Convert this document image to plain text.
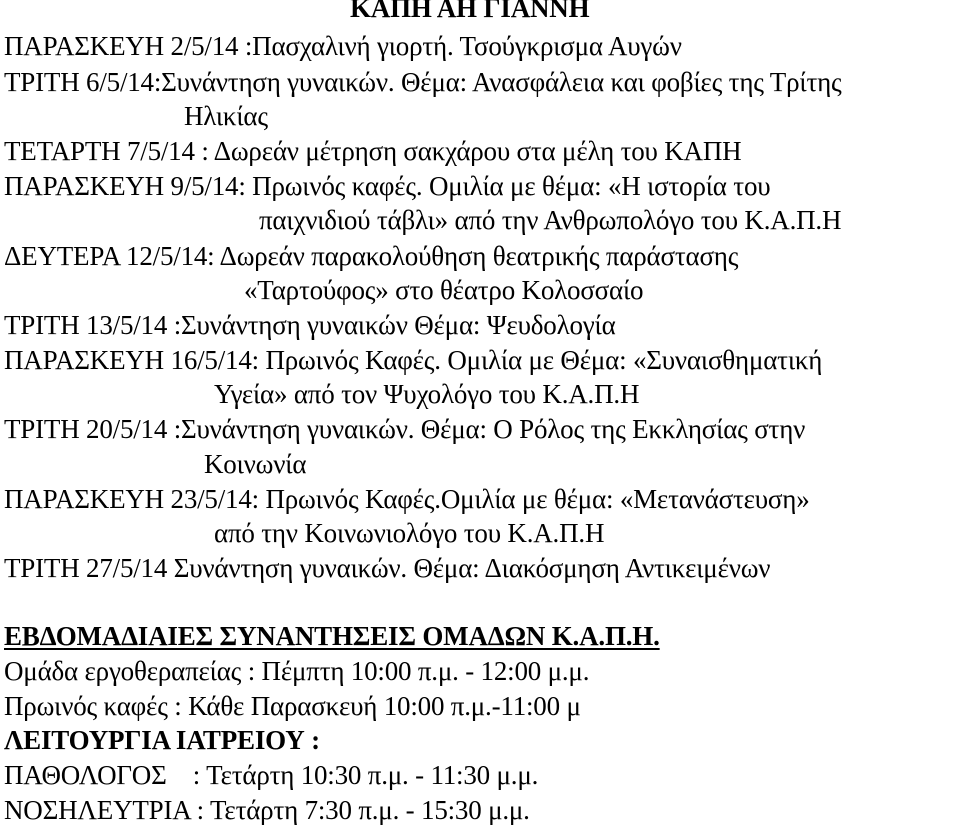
ΚΑΠΗ ΑΗ ΓΙΑΝΝΗ
ΠΑΡΑΣΚΕΥΗ 2/5/14 :Πασχαλινή γιορτή. Τσούγκρισμα Αυγών
ΤΡΙΤΗ 6/5/14:Συνάντηση γυναικών. Θέμα: Ανασφάλεια και φοβίες της Τρίτης
Ηλικίας
ΤΕΤΑΡΤΗ 7/5/14 : Δωρεάν μέτρηση σακχάρου στα μέλη του ΚΑΠΗ
ΠΑΡΑΣΚΕΥΗ 9/5/14: Πρωινός καφές. Ομιλία με θέμα: «Η ιστορία του
παιχνιδιού τάβλι» από την Ανθρωπολόγο του Κ.Α.Π.Η
ΔΕΥΤΕΡΑ 12/5/14: Δωρεάν παρακολούθηση θεατρικής παράστασης
«Ταρτούφος» στο θέατρο Κολοσσαίο
ΤΡΙΤΗ 13/5/14 :Συνάντηση γυναικών Θέμα: Ψευδολογία
ΠΑΡΑΣΚΕΥΗ 16/5/14: Πρωινός Καφές. Ομιλία με Θέμα: «Συναισθηματική
Υγεία» από τον Ψυχολόγο του Κ.Α.Π.Η
ΤΡΙΤΗ 20/5/14 :Συνάντηση γυναικών. Θέμα: Ο Ρόλος της Εκκλησίας στην
Κοινωνία
ΠΑΡΑΣΚΕΥΗ 23/5/14: Πρωινός Καφές.Ομιλία με θέμα: «Μετανάστευση»
από την Κοινωνιολόγο του Κ.Α.Π.Η
ΤΡΙΤΗ 27/5/14 Συνάντηση γυναικών. Θέμα: Διακόσμηση Αντικειμένων
ΕΒΔΟΜΑΔΙΑΙΕΣ ΣΥΝΑΝΤΗΣΕΙΣ ΟΜΑΔΩΝ Κ.Α.Π.Η.
Ομάδα εργοθεραπείας : Πέμπτη 10:00 π.μ. - 12:00 μ.μ.
Πρωινός καφές : Κάθε Παρασκευή 10:00 π.μ.-11:00 μ
ΛΕΙΤΟΥΡΓΙΑ ΙΑΤΡΕΙΟΥ :
ΠΑΘΟΛΟΓΟΣ    : Τετάρτη 10:30 π.μ. - 11:30 μ.μ.
ΝΟΣΗΛΕΥΤΡΙΑ : Τετάρτη 7:30 π.μ. - 15:30 μ.μ.
